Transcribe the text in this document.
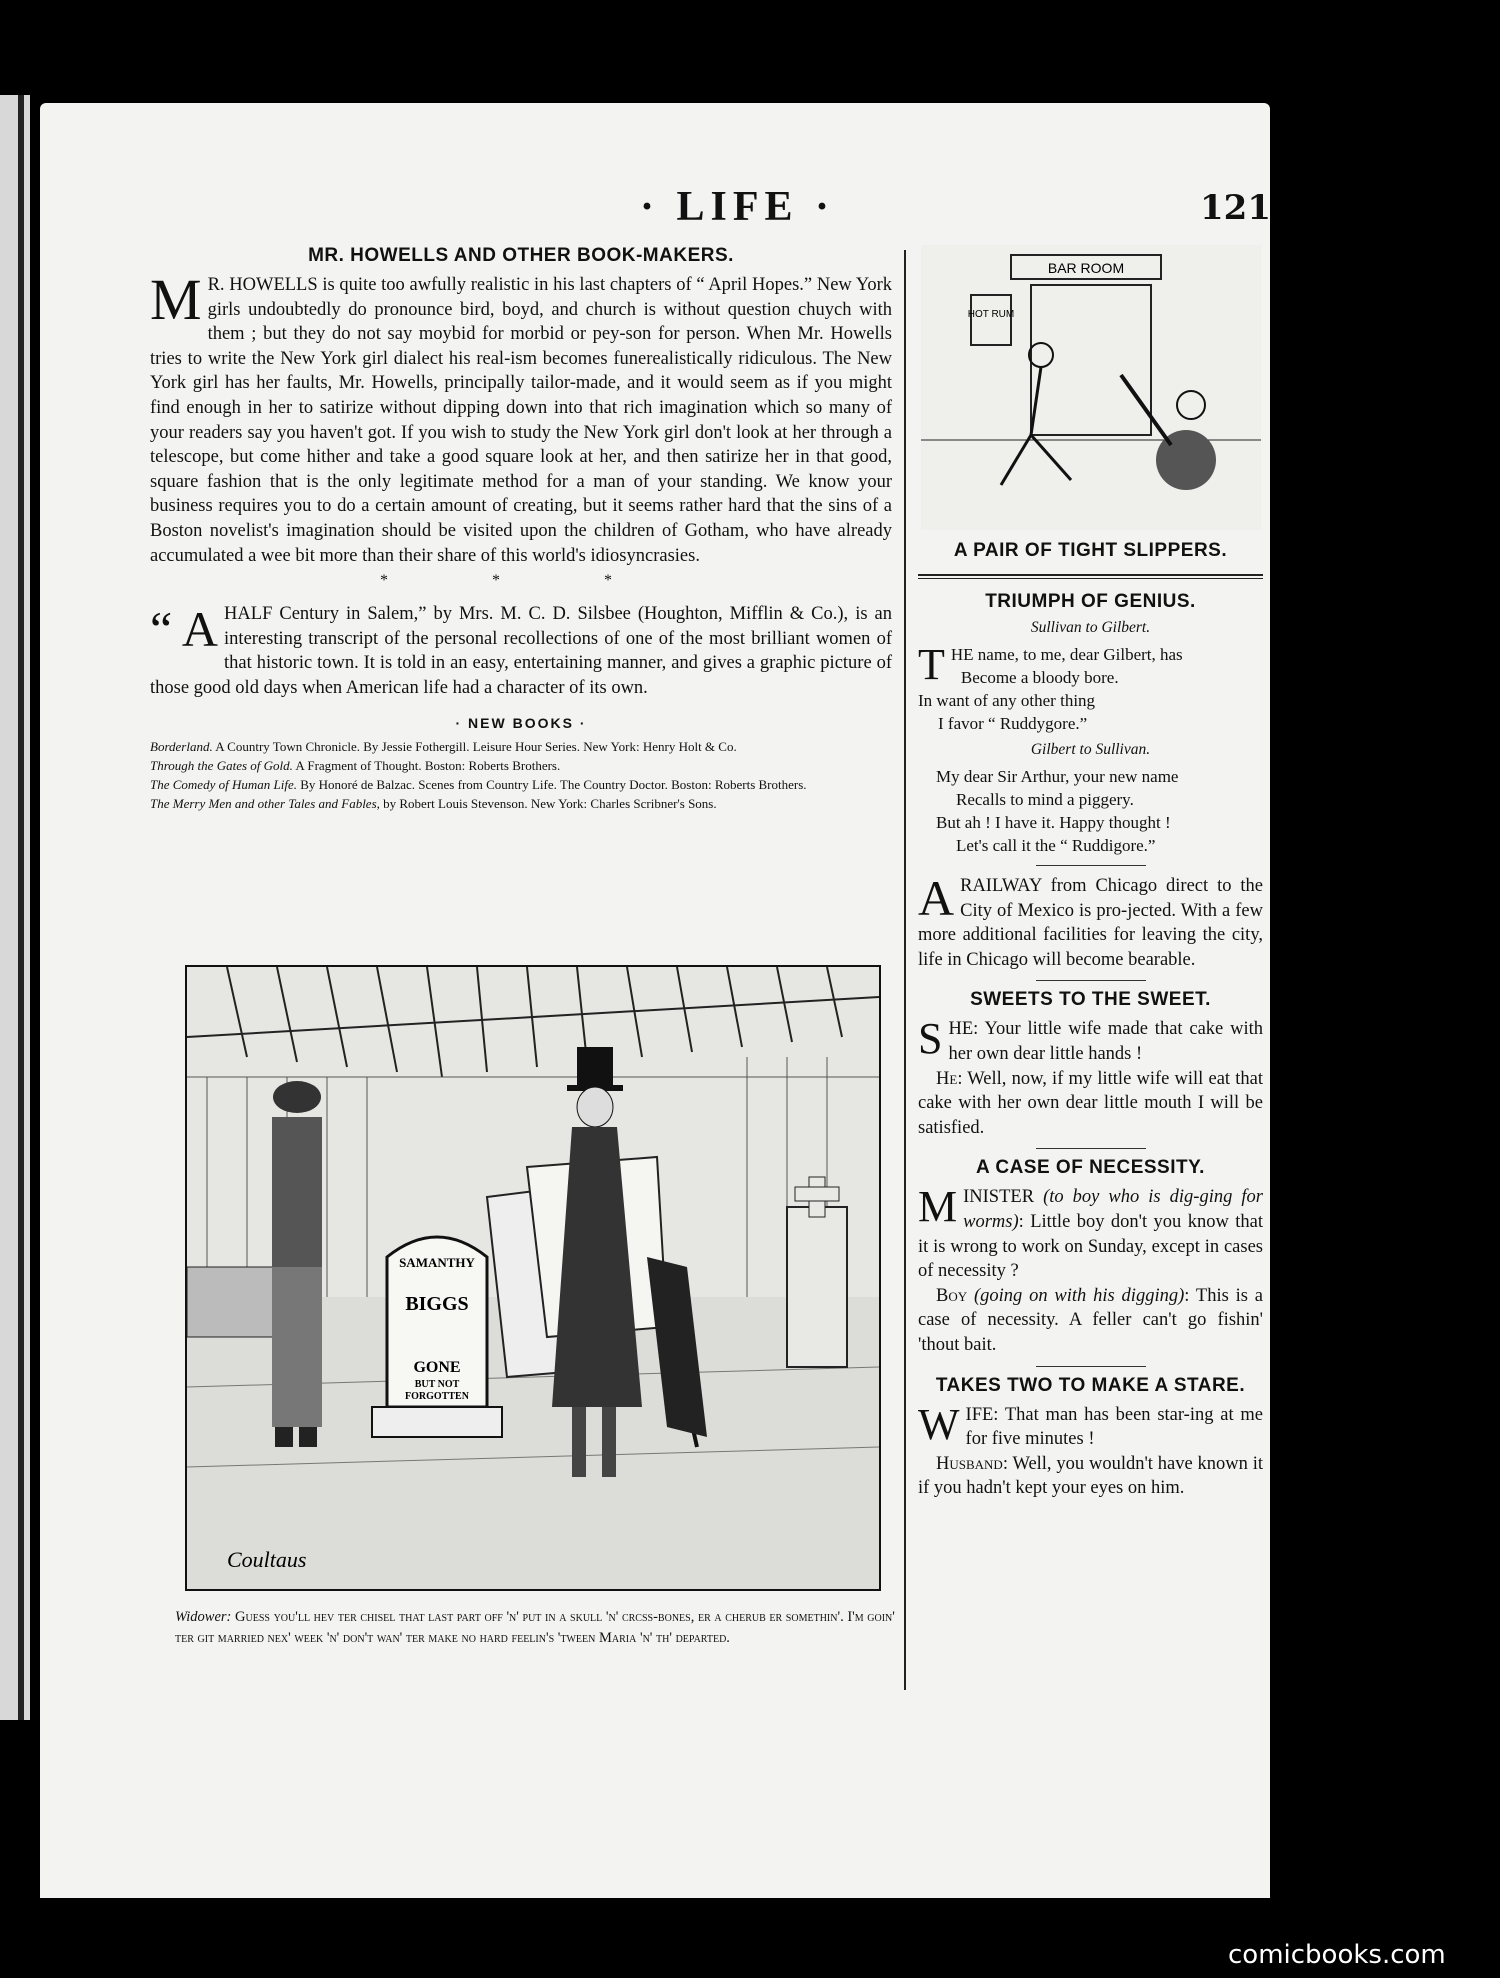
· LIFE ·	121
MR. HOWELLS AND OTHER BOOK-MAKERS.

M R. HOWELLS is quite too awfully realistic in his last chapters of “ April Hopes.” New York girls undoubtedly do pronounce bird, boyd, and church is without question chuych with them ; but they do not say moybid for morbid or pey-son for person. When Mr. Howells tries to write the New York girl dialect his real-ism becomes funerealistically ridiculous. The New York girl has her faults, Mr. Howells, principally tailor-made, and it would seem as if you might find enough in her to satirize without dipping down into that rich imagination which so many of your readers say you haven't got. If you wish to study the New York girl don't look at her through a telescope, but come hither and take a good square look at her, and then satirize her in that good, square fashion that is the only legitimate method for a man of your standing. We know your business requires you to do a certain amount of creating, but it seems rather hard that the sins of a Boston novelist's imagination should be visited upon the children of Gotham, who have already accumulated a wee bit more than their share of this world's idiosyncrasies.

* * *

“ A HALF Century in Salem,” by Mrs. M. C. D. Silsbee (Houghton, Mifflin & Co.), is an interesting transcript of the personal recollections of one of the most brilliant women of that historic town. It is told in an easy, entertaining manner, and gives a graphic picture of those good old days when American life had a character of its own.

· NEW BOOKS ·

Borderland. A Country Town Chronicle. By Jessie Fothergill. Leisure Hour Series. New York: Henry Holt & Co.

Through the Gates of Gold. A Fragment of Thought. Boston: Roberts Brothers.

The Comedy of Human Life. By Honoré de Balzac. Scenes from Country Life. The Country Doctor. Boston: Roberts Brothers.

The Merry Men and other Tales and Fables, by Robert Louis Stevenson. New York: Charles Scribner's Sons.

SAMANTHY
BIGGS
GONE
BUT NOT
FORGOTTEN
Coultaus
Widower: Guess you'll hev ter chisel that last part off 'n' put in a skull 'n' crcss-bones, er a cherub er somethin'. I'm goin' ter git married nex' week 'n' don't wan' ter make no hard feelin's 'tween Maria 'n' th' departed.
BAR ROOM
HOT RUM
A PAIR OF TIGHT SLIPPERS.
TRIUMPH OF GENIUS.
Sullivan to Gilbert.

THE name, to me, dear Gilbert, has
Become a bloody bore.
In want of any other thing
I favor “ Ruddygore.”

Gilbert to Sullivan.

My dear Sir Arthur, your new name
Recalls to mind a piggery.
But ah ! I have it. Happy thought !
Let's call it the “ Ruddigore.”

ARAILWAY from Chicago direct to the City of Mexico is pro-jected. With a few more additional facilities for leaving the city, life in Chicago will become bearable.

SWEETS TO THE SWEET.

SHE: Your little wife made that cake with her own dear little hands !
He: Well, now, if my little wife will eat that cake with her own dear little mouth I will be satisfied.

A CASE OF NECESSITY.

MINISTER (to boy who is dig-ging for worms): Little boy don't you know that it is wrong to work on Sunday, except in cases of necessity ?
Boy (going on with his digging): This is a case of necessity. A feller can't go fishin' 'thout bait.

TAKES TWO TO MAKE A STARE.

WIFE: That man has been star-ing at me for five minutes !
Husband: Well, you wouldn't have known it if you hadn't kept your eyes on him.

comicbooks.com
